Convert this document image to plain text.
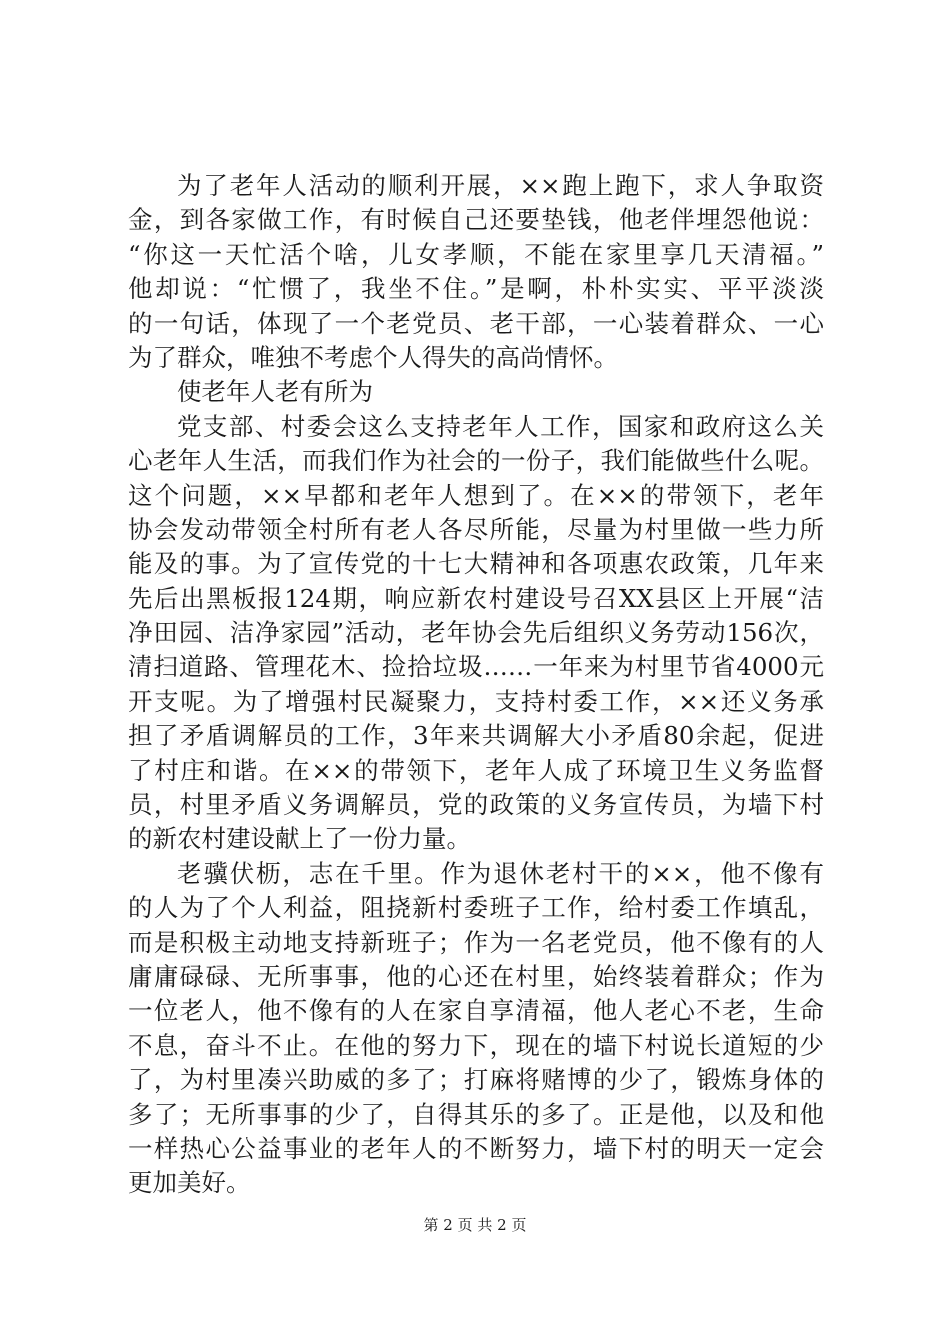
为了老年人活动的顺利开展，××跑上跑下，求人争取资
金，到各家做工作，有时候自己还要垫钱，他老伴埋怨他说：
“你这一天忙活个啥，儿女孝顺，不能在家里享几天清福。”
他却说：“忙惯了，我坐不住。”是啊，朴朴实实、平平淡淡
的一句话，体现了一个老党员、老干部，一心装着群众、一心
为了群众，唯独不考虑个人得失的高尚情怀。
使老年人老有所为
党支部、村委会这么支持老年人工作，国家和政府这么关
心老年人生活，而我们作为社会的一份子，我们能做些什么呢。
这个问题，××早都和老年人想到了。在××的带领下，老年
协会发动带领全村所有老人各尽所能，尽量为村里做一些力所
能及的事。为了宣传党的十七大精神和各项惠农政策，几年来
先后出黑板报124期，响应新农村建设号召XX县区上开展“洁
净田园、洁净家园”活动，老年协会先后组织义务劳动156次，
清扫道路、管理花木、捡拾垃圾……一年来为村里节省4000元
开支呢。为了增强村民凝聚力，支持村委工作，××还义务承
担了矛盾调解员的工作，3年来共调解大小矛盾80余起，促进
了村庄和谐。在××的带领下，老年人成了环境卫生义务监督
员，村里矛盾义务调解员，党的政策的义务宣传员，为墙下村
的新农村建设献上了一份力量。
老骥伏枥，志在千里。作为退休老村干的××，他不像有
的人为了个人利益，阻挠新村委班子工作，给村委工作填乱，
而是积极主动地支持新班子；作为一名老党员，他不像有的人
庸庸碌碌、无所事事，他的心还在村里，始终装着群众；作为
一位老人，他不像有的人在家自享清福，他人老心不老，生命
不息，奋斗不止。在他的努力下，现在的墙下村说长道短的少
了，为村里凑兴助威的多了；打麻将赌博的少了，锻炼身体的
多了；无所事事的少了，自得其乐的多了。正是他，以及和他
一样热心公益事业的老年人的不断努力，墙下村的明天一定会
更加美好。
第 2 页 共 2 页
